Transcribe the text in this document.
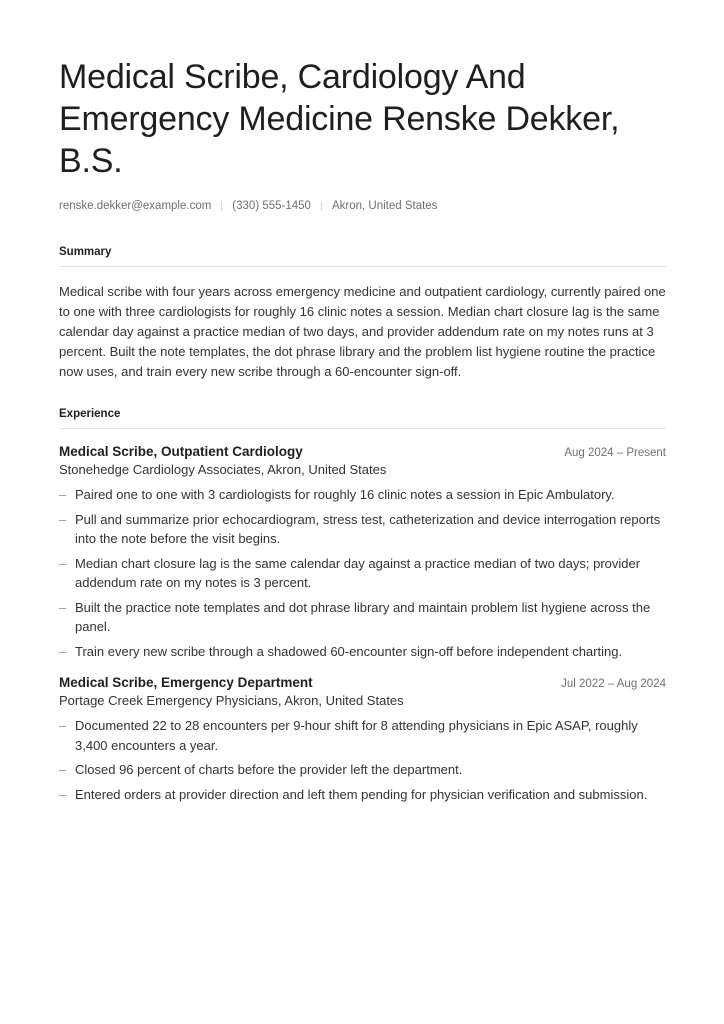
Medical Scribe, Cardiology And Emergency Medicine Renske Dekker, B.S.
renske.dekker@example.com (330) 555-1450 Akron, United States
Summary

Medical scribe with four years across emergency medicine and outpatient cardiology, currently paired one to one with three cardiologists for roughly 16 clinic notes a session. Median chart closure lag is the same calendar day against a practice median of two days, and provider addendum rate on my notes runs at 3 percent. Built the note templates, the dot phrase library and the problem list hygiene routine the practice now uses, and train every new scribe through a 60-encounter sign-off.

Experience
Medical Scribe, Outpatient Cardiology	Aug 2024 – Present
Stonehedge Cardiology Associates, Akron, United States
– Paired one to one with 3 cardiologists for roughly 16 clinic notes a session in Epic Ambulatory.
– Pull and summarize prior echocardiogram, stress test, catheterization and device interrogation reports into the note before the visit begins.
– Median chart closure lag is the same calendar day against a practice median of two days; provider addendum rate on my notes is 3 percent.
– Built the practice note templates and dot phrase library and maintain problem list hygiene across the panel.
– Train every new scribe through a shadowed 60-encounter sign-off before independent charting.
Medical Scribe, Emergency Department	Jul 2022 – Aug 2024
Portage Creek Emergency Physicians, Akron, United States
– Documented 22 to 28 encounters per 9-hour shift for 8 attending physicians in Epic ASAP, roughly 3,400 encounters a year.
– Closed 96 percent of charts before the provider left the department.
– Entered orders at provider direction and left them pending for physician verification and submission.
